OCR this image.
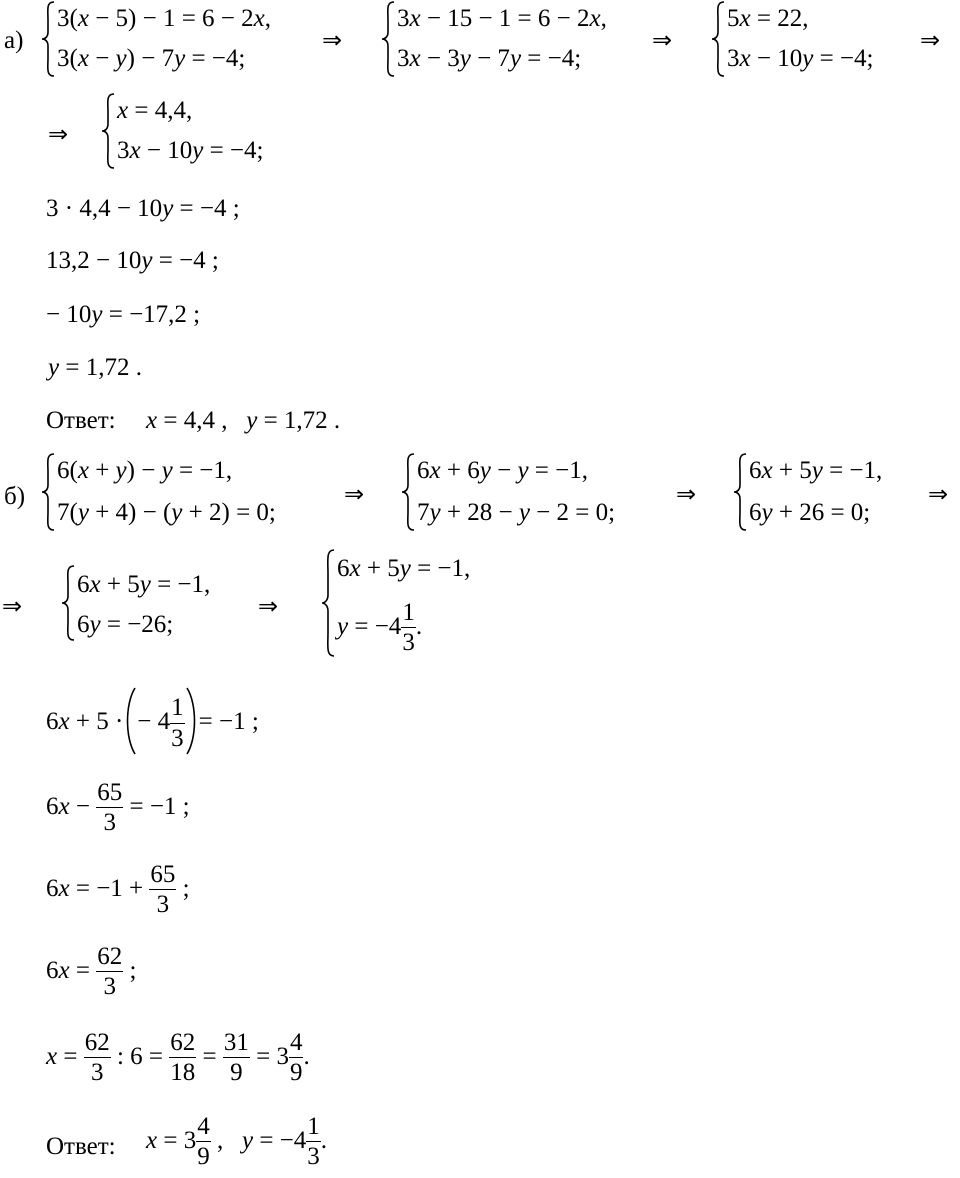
а)
3(x − 5) − 1 = 6 − 2x,
3(x − y) − 7y = −4;
⇒
3x − 15 − 1 = 6 − 2x,
3x − 3y − 7y = −4;
⇒
5x = 22,
3x − 10y = −4;
⇒
⇒
x = 4,4,
3x − 10y = −4;
3 · 4,4 − 10y = −4 ;
13,2 − 10y = −4 ;
− 10y = −17,2 ;
y = 1,72 .
Ответ: x = 4,4 ,   y = 1,72 .
б)
6(x + y) − y = −1,
7(y + 4) − (y + 2) = 0;
⇒
6x + 6y − y = −1,
7y + 28 − y − 2 = 0;
⇒
6x + 5y = −1,
6y + 26 = 0;
⇒
⇒
6x + 5y = −1,
6y = −26;
⇒
6x + 5y = −1,
$y = -4 \frac{1}{3}$ .
6x + 5 · − $4 \frac{1}{3} = -1$ ;
$6x - \frac{65}{3} = -1$ ;
$6x = -1 + \frac{65}{3}$ ;
$6x = \frac{62}{3}$ ;
$x = \frac{62}{3}$ : $6 = \frac{62}{18} = \frac{31}{9} = 3 \frac{4}{9}$ .
Ответ: $x = 3 \frac{4}{9}$ ,   $y = -4 \frac{1}{3}$ .
